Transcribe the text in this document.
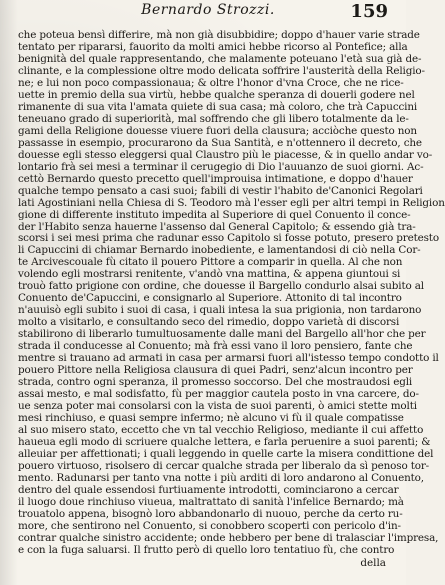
Bernardo Strozzi.	159
che poteua bensì differire, mà non già disubbidire; doppo d'hauer varie strade
tentato per ripararsi, fauorito da molti amici hebbe ricorso al Pontefice; alla
benignità del quale rappresentando, che malamente poteuano l'età sua già de-
clinante, e la complessione oltre modo delicata soffrire l'austerità della Religio-
ne; e lui non poco compassionaua; & oltre l'honor d'vna Croce, che ne rice-
uette in premio della sua virtù, hebbe qualche speranza di douerli godere nel
rimanente di sua vita l'amata quiete di sua casa; mà coloro, che trà Capuccini
teneuano grado di superiorità, mal soffrendo che gli libero totalmente da le-
gami della Religione douesse viuere fuori della clausura; acciòche questo non
passasse in esempio, procurarono da Sua Santità, e n'ottennero il decreto, che
douesse egli stesso eleggersi qual Claustro più le piacesse, & in quello andar vo-
lontario frà sei mesi a terminar il cerugegio di Dio l'auuanzo de suoi giorni. Ac-
cettò Bernardo questo precetto quell'improuisa intimatione, e doppo d'hauer
qualche tempo pensato a casi suoi; fabili di vestir l'habito de'Canonici Regolari
lati Agostiniani nella Chiesa di S. Teodoro mà l'esser egli per altri tempi in Religion
gione di differente instituto impedita al Superiore di quel Conuento il conce-
der l'Habito senza hauerne l'assenso dal General Capitolo; & essendo già tra-
scorsi i sei mesi prima che radunar esso Capitolo si fosse potuto, presero pretesto
li Capuccini di chiamar Bernardo inobediente, e lamentandosi di ciò nella Cor-
te Arcivescouale fù citato il pouero Pittore a comparir in quella. Al che non
volendo egli mostrarsi renitente, v'andò vna mattina, & appena giuntoui si
trouò fatto prigione con ordine, che douesse il Bargello condurlo alsai subito al
Conuento de'Capuccini, e consignarlo al Superiore. Attonito di tal incontro
n'auuisò egli subito i suoi di casa, i quali intesa la sua prigionia, non tardarono
molto a visitarlo, e consultando seco del rimedio, doppo varietà di discorsi
stabilirono di liberarlo tumultuosamente dalle mani del Bargello all'hor che per
strada il conducesse al Conuento; mà frà essi vano il loro pensiero, fante che
mentre si trauano ad armati in casa per armarsi fuori all'istesso tempo condotto il
pouero Pittore nella Religiosa clausura di quei Padri, senz'alcun incontro per
strada, contro ogni speranza, il promesso soccorso. Del che mostraudosi egli
assai mesto, e mal sodisfatto, fù per maggior cautela posto in vna carcere, do-
ue senza poter mai consolarsi con la vista de suoi parenti, ò amici stette molti
mesi rinchiuso, e quasi sempre infermo; nè alcuno vi fù il quale compatisse
al suo misero stato, eccetto che vn tal vecchio Religioso, mediante il cui affetto
haueua egli modo di scriuere qualche lettera, e farla peruenire a suoi parenti; &
alleuiar per affettionati; i quali leggendo in quelle carte la misera condittione del
pouero virtuoso, risolsero di cercar qualche strada per liberalo da sì penoso tor-
mento. Radunarsi per tanto vna notte i più arditi di loro andarono al Conuento,
dentro del quale essendosi furtiuamente introdotti, cominciarono a cercar
il luogo doue rinchiuso viueua, maltrattato di sanità l'infelice Bernardo; mà
trouatolo appena, bisognò loro abbandonarlo di nuouo, perche da certo ru-
more, che sentirono nel Conuento, si conobbero scoperti con pericolo d'in-
contrar qualche sinistro accidente; onde hebbero per bene di tralasciar l'impresa,
e con la fuga saluarsi. Il frutto però di quello loro tentatiuo fù, che contro
della
